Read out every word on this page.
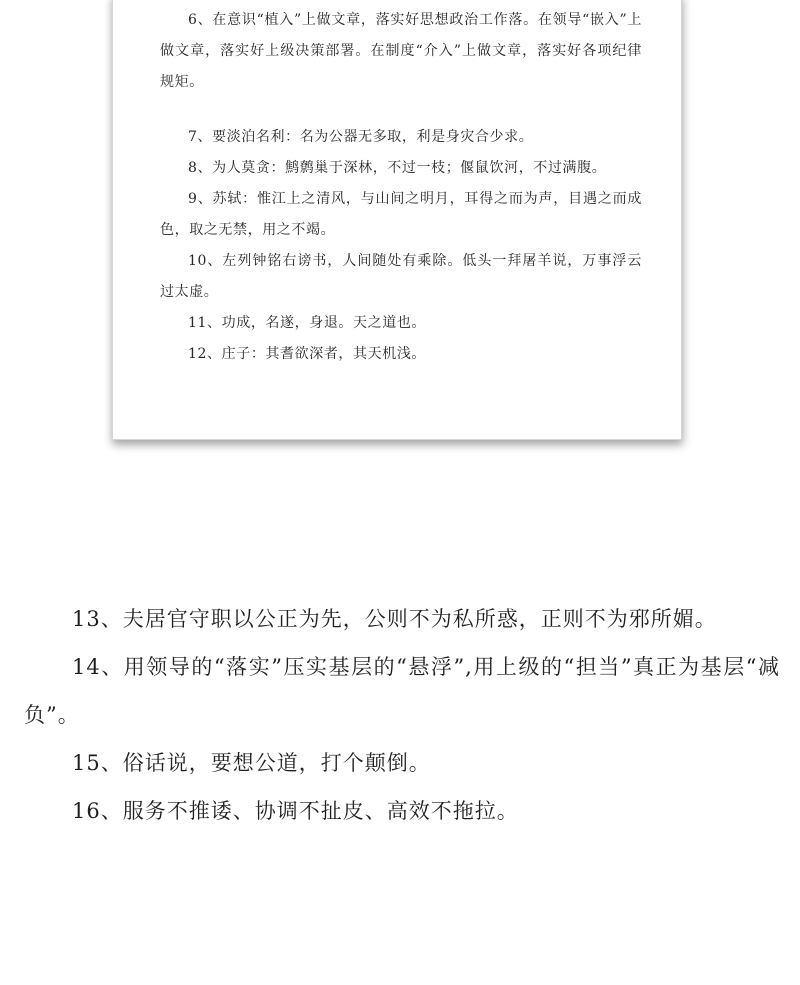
6、在意识“植入”上做文章，落实好思想政治工作落。在领导“嵌入”上做文章，落实好上级决策部署。在制度“介入”上做文章，落实好各项纪律规矩。

7、要淡泊名利：名为公器无多取，利是身灾合少求。

8、为人莫贪：鹪鹩巢于深林，不过一枝；偃鼠饮河，不过满腹。

9、苏轼：惟江上之清风，与山间之明月，耳得之而为声，目遇之而成色，取之无禁，用之不竭。

10、左列钟铭右谤书，人间随处有乘除。低头一拜屠羊说，万事浮云过太虚。

11、功成，名遂，身退。天之道也。

12、庄子：其耆欲深者，其天机浅。

13、夫居官守职以公正为先，公则不为私所惑，正则不为邪所媚。

14、用领导的“落实”压实基层的“悬浮”,用上级的“担当”真正为基层“减负”。

15、俗话说，要想公道，打个颠倒。

16、服务不推诿、协调不扯皮、高效不拖拉。
